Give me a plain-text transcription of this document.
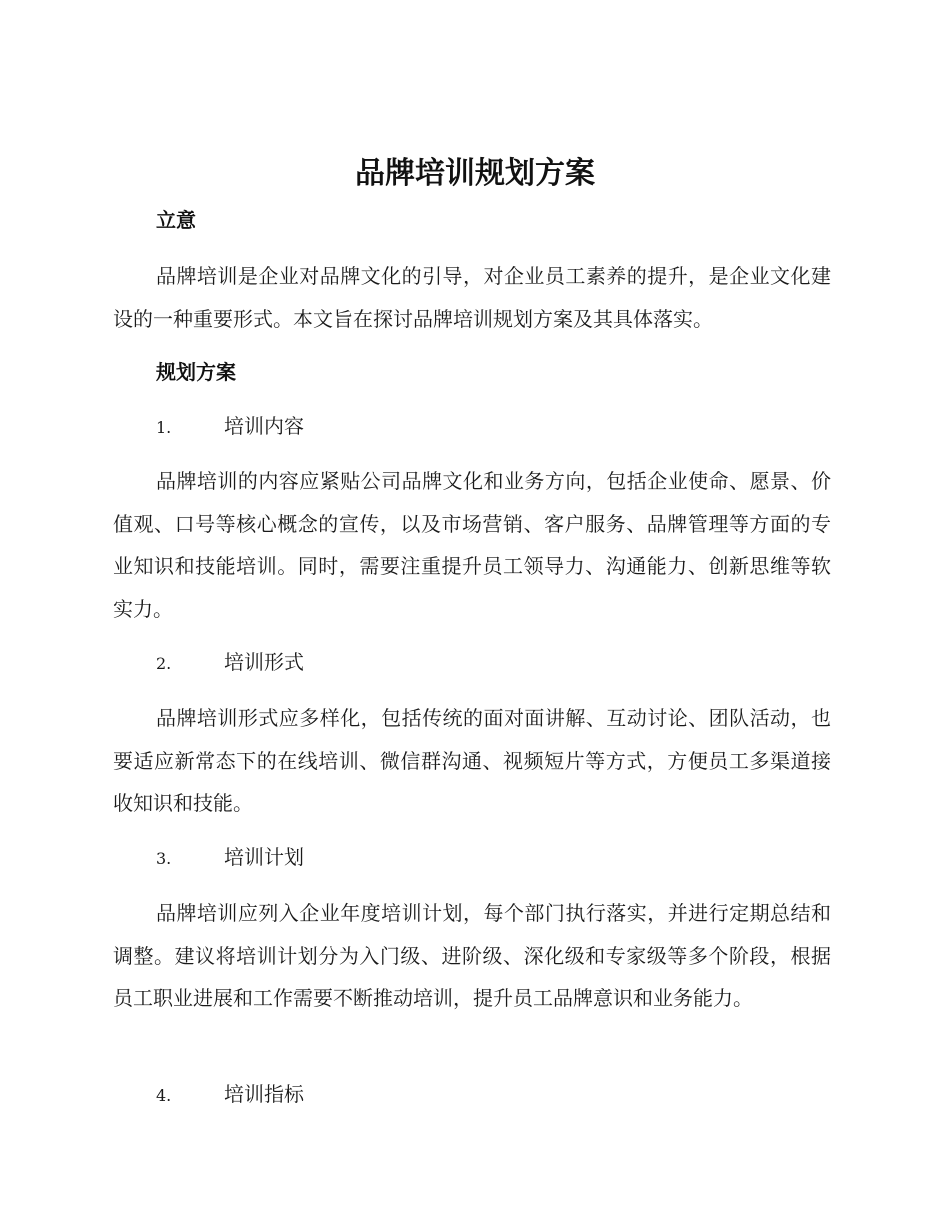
品牌培训规划方案
立意
品牌培训是企业对品牌文化的引导，对企业员工素养的提升，是企业文化建设的一种重要形式。本文旨在探讨品牌培训规划方案及其具体落实。
规划方案
1.	培训内容
品牌培训的内容应紧贴公司品牌文化和业务方向，包括企业使命、愿景、价值观、口号等核心概念的宣传，以及市场营销、客户服务、品牌管理等方面的专业知识和技能培训。同时，需要注重提升员工领导力、沟通能力、创新思维等软实力。
2.	培训形式
品牌培训形式应多样化，包括传统的面对面讲解、互动讨论、团队活动，也要适应新常态下的在线培训、微信群沟通、视频短片等方式，方便员工多渠道接收知识和技能。
3.	培训计划
品牌培训应列入企业年度培训计划，每个部门执行落实，并进行定期总结和调整。建议将培训计划分为入门级、进阶级、深化级和专家级等多个阶段，根据员工职业进展和工作需要不断推动培训，提升员工品牌意识和业务能力。
4.	培训指标
